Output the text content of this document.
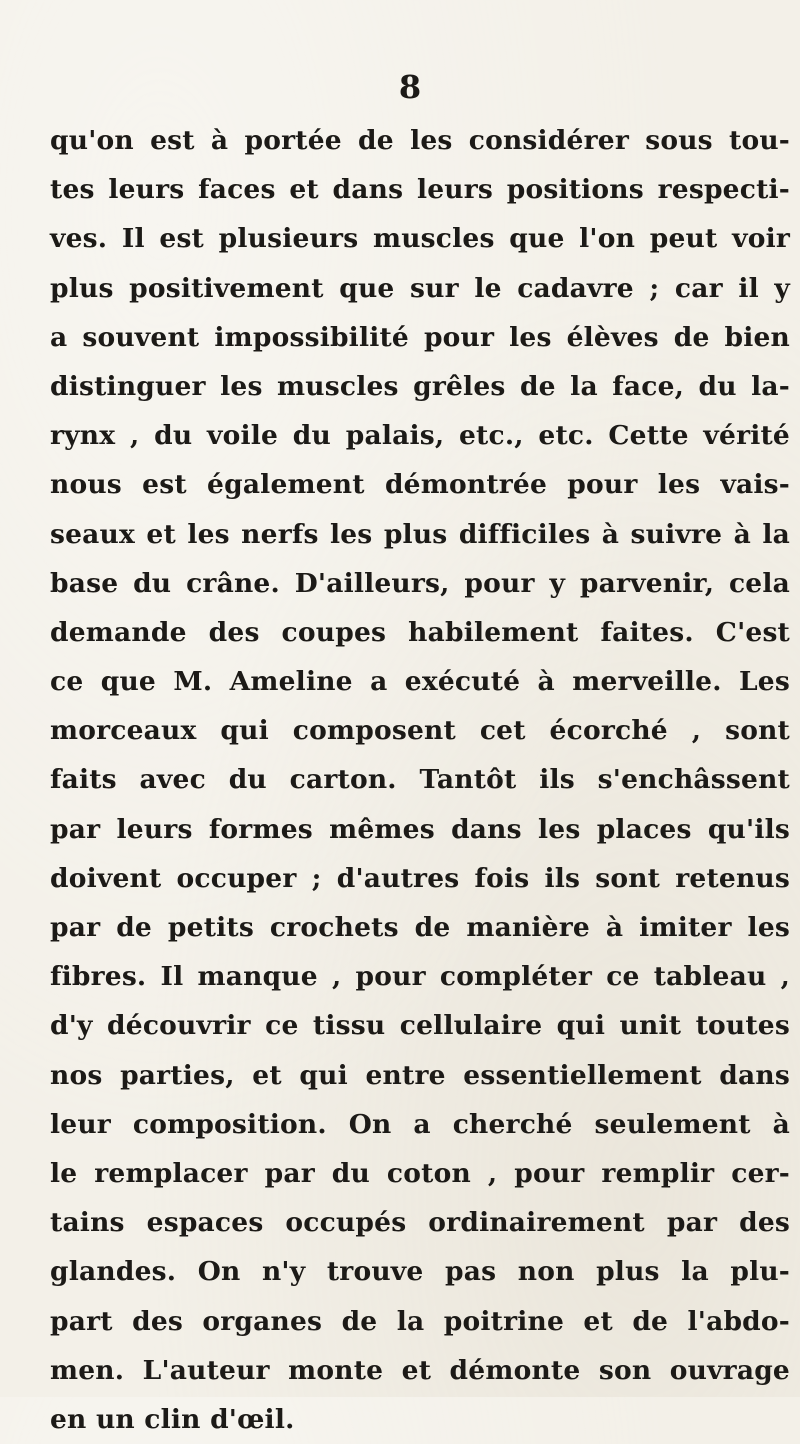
8
qu'on est à portée de les considérer sous tou-
tes leurs faces et dans leurs positions respecti-
ves. Il est plusieurs muscles que l'on peut voir
plus positivement que sur le cadavre ; car il y
a souvent impossibilité pour les élèves de bien
distinguer les muscles grêles de la face, du la-
rynx , du voile du palais, etc., etc. Cette vérité
nous est également démontrée pour les vais-
seaux et les nerfs les plus difficiles à suivre à la
base du crâne. D'ailleurs, pour y parvenir, cela
demande des coupes habilement faites. C'est
ce que M. Ameline a exécuté à merveille. Les
morceaux qui composent cet écorché , sont
faits avec du carton. Tantôt ils s'enchâssent
par leurs formes mêmes dans les places qu'ils
doivent occuper ; d'autres fois ils sont retenus
par de petits crochets de manière à imiter les
fibres. Il manque , pour compléter ce tableau ,
d'y découvrir ce tissu cellulaire qui unit toutes
nos parties, et qui entre essentiellement dans
leur composition. On a cherché seulement à
le remplacer par du coton , pour remplir cer-
tains espaces occupés ordinairement par des
glandes. On n'y trouve pas non plus la plu-
part des organes de la poitrine et de l'abdo-
men. L'auteur monte et démonte son ouvrage
en un clin d'œil.
